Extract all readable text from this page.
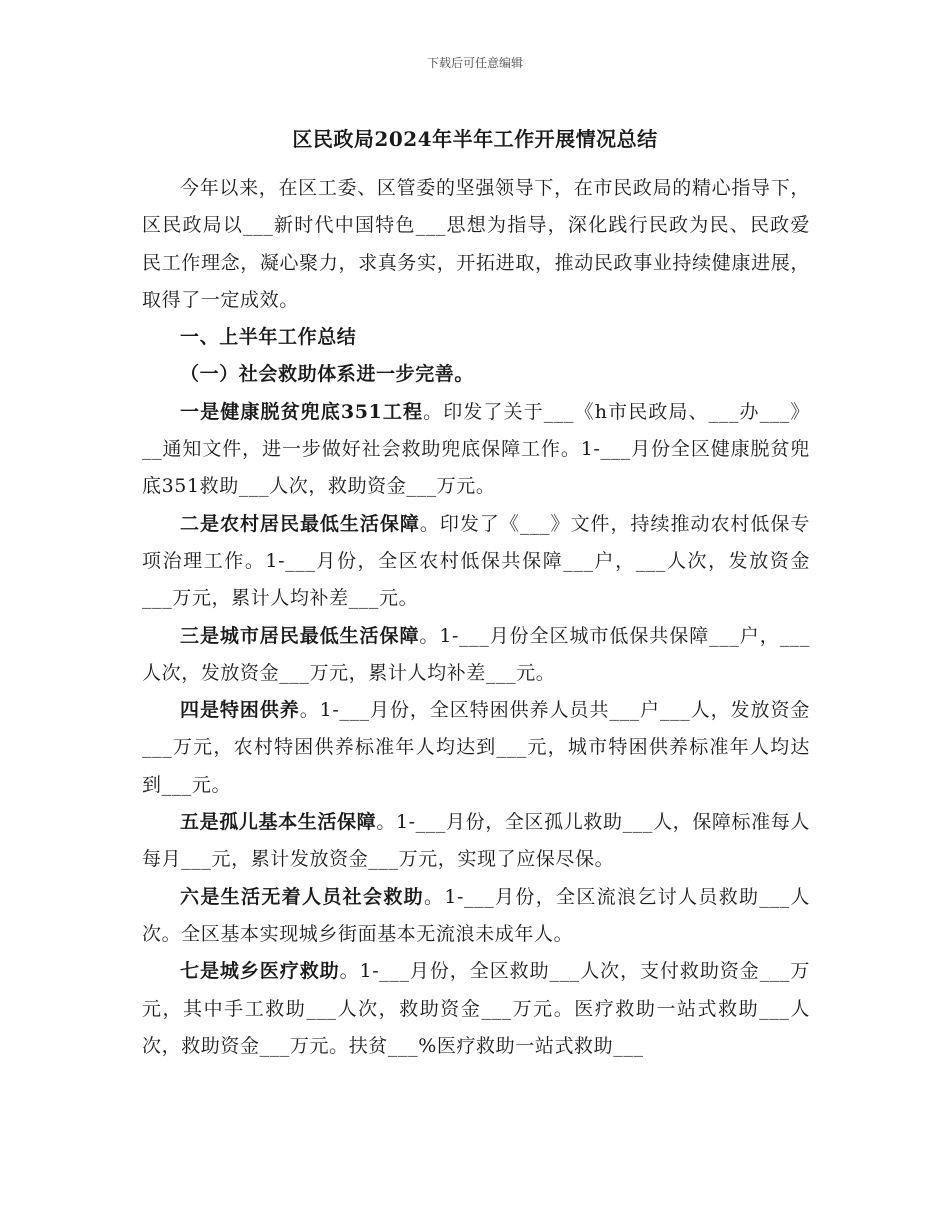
下载后可任意编辑
区民政局2024年半年工作开展情况总结

今年以来，在区工委、区管委的坚强领导下，在市民政局的精心指导下，区民政局以___新时代中国特色___思想为指导，深化践行民政为民、民政爱民工作理念，凝心聚力，求真务实，开拓进取，推动民政事业持续健康进展，取得了一定成效。

一、上半年工作总结

（一）社会救助体系进一步完善。

一是健康脱贫兜底351工程。印发了关于___《h市民政局、___办___》__通知文件，进一步做好社会救助兜底保障工作。1-___月份全区健康脱贫兜底351救助___人次，救助资金___万元。

二是农村居民最低生活保障。印发了《___》文件，持续推动农村低保专项治理工作。1-___月份，全区农村低保共保障___户，___人次，发放资金___万元，累计人均补差___元。

三是城市居民最低生活保障。1-___月份全区城市低保共保障___户，___人次，发放资金___万元，累计人均补差___元。

四是特困供养。1-___月份，全区特困供养人员共___户___人，发放资金___万元，农村特困供养标准年人均达到___元，城市特困供养标准年人均达到___元。

五是孤儿基本生活保障。1-___月份，全区孤儿救助___人，保障标准每人每月___元，累计发放资金___万元，实现了应保尽保。

六是生活无着人员社会救助。1-___月份，全区流浪乞讨人员救助___人次。全区基本实现城乡街面基本无流浪未成年人。

七是城乡医疗救助。1-___月份，全区救助___人次，支付救助资金___万元，其中手工救助___人次，救助资金___万元。医疗救助一站式救助___人次，救助资金___万元。扶贫___%医疗救助一站式救助___
